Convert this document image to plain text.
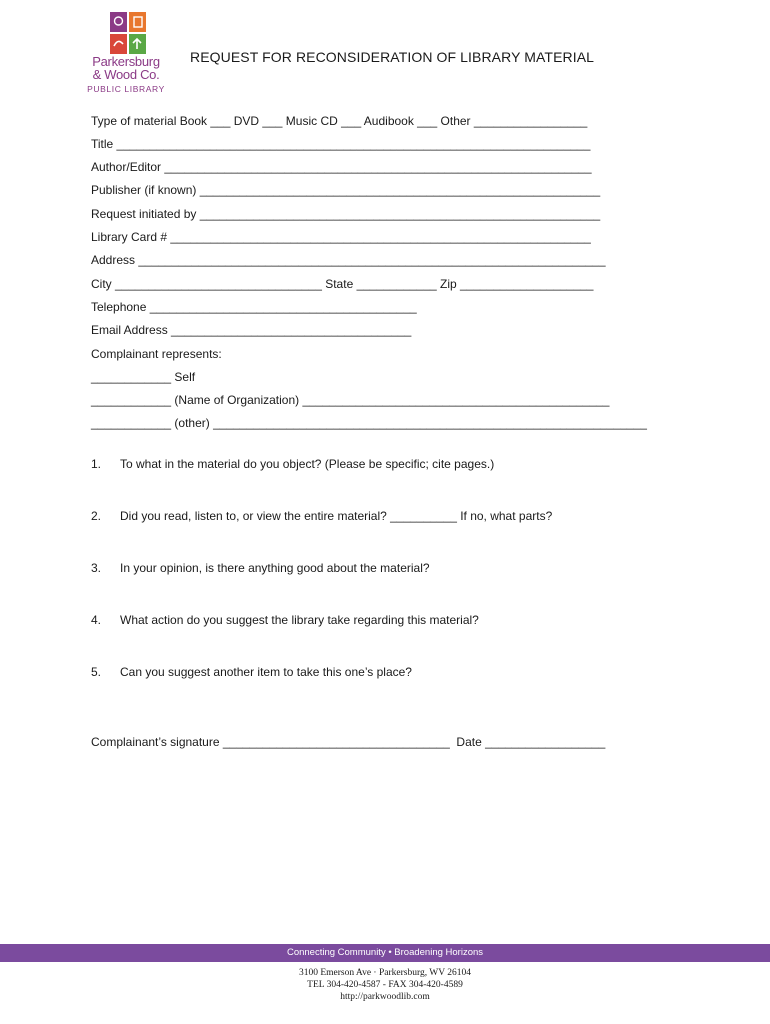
Parkersburg
& Wood Co.
PUBLIC LIBRARY
REQUEST FOR RECONSIDERATION OF LIBRARY MATERIAL
Type of material Book ___ DVD ___ Music CD ___ Audibook ___ Other _________________
Title _______________________________________________________________________
Author/Editor ________________________________________________________________
Publisher (if known) ____________________________________________________________
Request initiated by ____________________________________________________________
Library Card # _______________________________________________________________
Address ______________________________________________________________________
City _______________________________ State ____________ Zip ____________________
Telephone ________________________________________
Email Address ____________________________________
Complainant represents:
____________ Self
____________ (Name of Organization) ______________________________________________
____________ (other) _________________________________________________________________
1. To what in the material do you object? (Please be specific; cite pages.)
2. Did you read, listen to, or view the entire material? __________ If no, what parts?
3. In your opinion, is there anything good about the material?
4. What action do you suggest the library take regarding this material?
5. Can you suggest another item to take this one’s place?
Complainant’s signature __________________________________  Date __________________
Connecting Community • Broadening Horizons
3100 Emerson Ave · Parkersburg, WV 26104
TEL 304-420-4587 - FAX 304-420-4589
http://parkwoodlib.com
